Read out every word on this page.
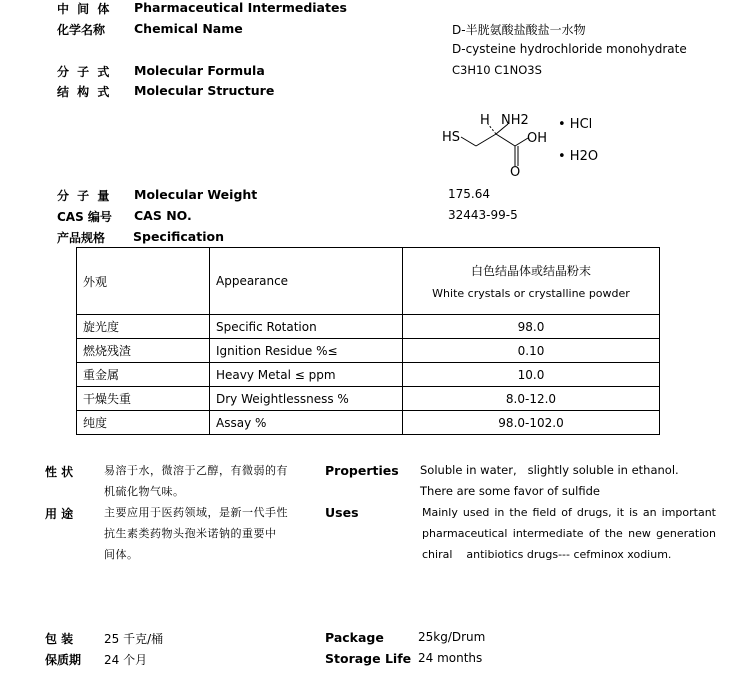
中 间 体 Pharmaceutical Intermediates
化学名称 Chemical Name	D-半胱氨酸盐酸盐一水物
D-cysteine hydrochloride monohydrate
分 子 式 Molecular Formula	C3H10 C1NO3S
结 构 式 Molecular Structure
H NH2
HS	OH
O
• HCl
• H2O
分 子 量 Molecular Weight	175.64
CAS 编号 CAS NO.	32443-99-5
产品规格 Specification
外观	Appearance	白色结晶体或结晶粉末
White crystals or crystalline powder

旋光度	Specific Rotation	98.0
燃烧残渣	Ignition Residue %≤	0.10
重金属	Heavy Metal ≤ ppm	10.0
干燥失重	Dry Weightlessness %	8.0-12.0
纯度	Assay %	98.0-102.0
性 状	易溶于水，微溶于乙醇，有微弱的有
机硫化物气味。
Properties Soluble in water,   slightly soluble in ethanol.
There are some favor of sulfide
用 途	主要应用于医药领域，是新一代手性
抗生素类药物头孢米诺钠的重要中
间体。
Uses	Mainly used in the field of drugs, it is an important
pharmaceutical intermediate of the new generation
chiral    antibiotics drugs--- cefminox xodium.
包 装	25 千克/桶	Package	25kg/Drum
保质期 24 个月	Storage Life 24 months
